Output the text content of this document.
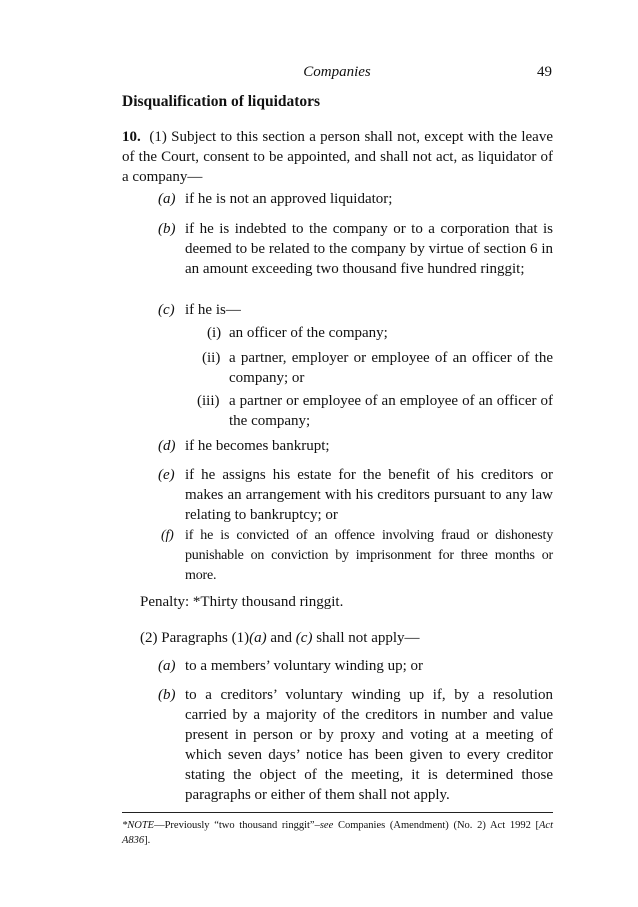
Companies	49
Disqualification of liquidators
10. (1) Subject to this section a person shall not, except with the leave of the Court, consent to be appointed, and shall not act, as liquidator of a company—
(a) if he is not an approved liquidator;
(b) if he is indebted to the company or to a corporation that is deemed to be related to the company by virtue of section 6 in an amount exceeding two thousand five hundred ringgit;
(c) if he is—
(i) an officer of the company;
(ii) a partner, employer or employee of an officer of the company; or
(iii) a partner or employee of an employee of an officer of the company;
(d) if he becomes bankrupt;
(e) if he assigns his estate for the benefit of his creditors or makes an arrangement with his creditors pursuant to any law relating to bankruptcy; or
(f) if he is convicted of an offence involving fraud or dishonesty punishable on conviction by imprisonment for three months or more.
Penalty: *Thirty thousand ringgit.
(2) Paragraphs (1)(a) and (c) shall not apply—
(a) to a members’ voluntary winding up; or
(b) to a creditors’ voluntary winding up if, by a resolution carried by a majority of the creditors in number and value present in person or by proxy and voting at a meeting of which seven days’ notice has been given to every creditor stating the object of the meeting, it is determined those paragraphs or either of them shall not apply.
*NOTE—Previously “two thousand ringgit”–see Companies (Amendment) (No. 2) Act 1992 [Act A836].
